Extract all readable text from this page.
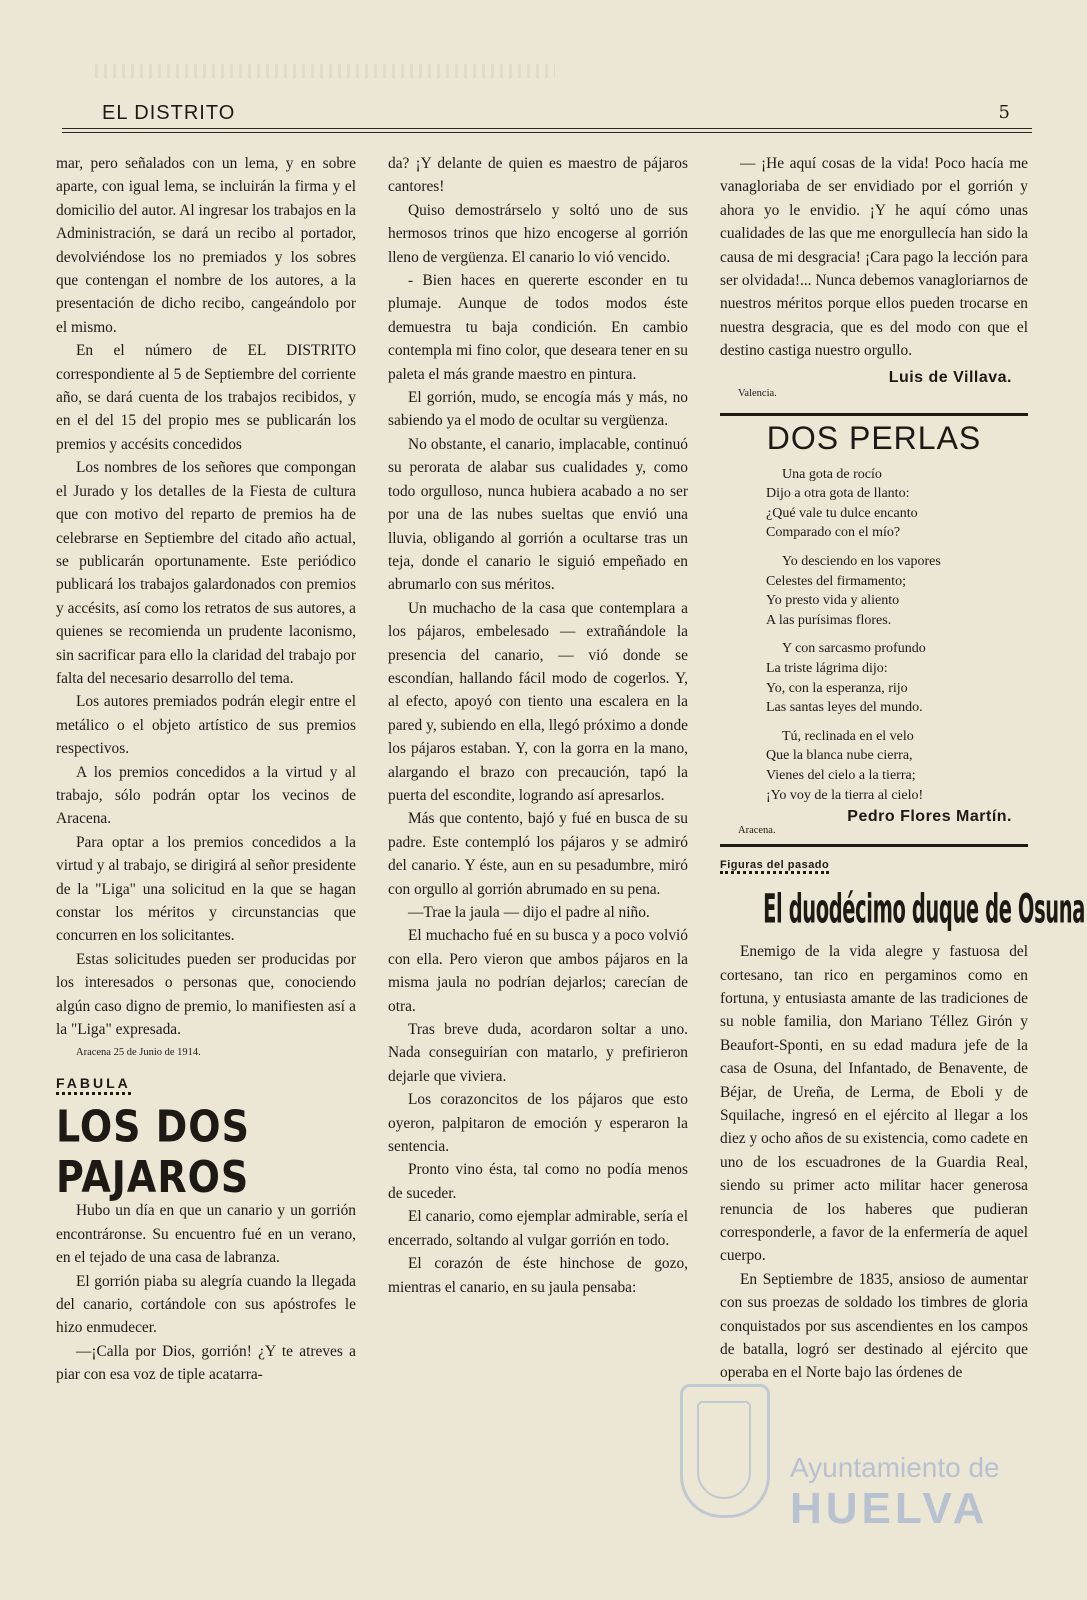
EL DISTRITO	5

mar, pero señalados con un lema, y en sobre aparte, con igual lema, se incluirán la firma y el domicilio del autor. Al ingresar los trabajos en la Administración, se dará un recibo al portador, devolviéndose los no premiados y los sobres que contengan el nombre de los autores, a la presentación de dicho recibo, cangeándolo por el mismo.

En el número de EL DISTRITO correspondiente al 5 de Septiembre del corriente año, se dará cuenta de los trabajos recibidos, y en el del 15 del propio mes se publicarán los premios y accésits concedidos

Los nombres de los señores que compongan el Jurado y los detalles de la Fiesta de cultura que con motivo del reparto de premios ha de celebrarse en Septiembre del citado año actual, se publicarán oportunamente. Este periódico publicará los trabajos galardonados con premios y accésits, así como los retratos de sus autores, a quienes se recomienda un prudente laconismo, sin sacrificar para ello la claridad del trabajo por falta del necesario desarrollo del tema.

Los autores premiados podrán elegir entre el metálico o el objeto artístico de sus premios respectivos.

A los premios concedidos a la virtud y al trabajo, sólo podrán optar los vecinos de Aracena.

Para optar a los premios concedidos a la virtud y al trabajo, se dirigirá al señor presidente de la "Liga" una solicitud en la que se hagan constar los méritos y circunstancias que concurren en los solicitantes.

Estas solicitudes pueden ser producidas por los interesados o personas que, conociendo algún caso digno de premio, lo manifiesten así a la "Liga" expresada.

Aracena 25 de Junio de 1914.
FABULA
LOS DOS PAJAROS

Hubo un día en que un canario y un gorrión encontráronse. Su encuentro fué en un verano, en el tejado de una casa de labranza.

El gorrión piaba su alegría cuando la llegada del canario, cortándole con sus apóstrofes le hizo enmudecer.

—¡Calla por Dios, gorrión! ¿Y te atreves a piar con esa voz de tiple acatarra-

da? ¡Y delante de quien es maestro de pájaros cantores!

Quiso demostrárselo y soltó uno de sus hermosos trinos que hizo encogerse al gorrión lleno de vergüenza. El canario lo vió vencido.

- Bien haces en quererte esconder en tu plumaje. Aunque de todos modos éste demuestra tu baja condición. En cambio contempla mi fino color, que deseara tener en su paleta el más grande maestro en pintura.

El gorrión, mudo, se encogía más y más, no sabiendo ya el modo de ocultar su vergüenza.

No obstante, el canario, implacable, continuó su perorata de alabar sus cualidades y, como todo orgulloso, nunca hubiera acabado a no ser por una de las nubes sueltas que envió una lluvia, obligando al gorrión a ocultarse tras un teja, donde el canario le siguió empeñado en abrumarlo con sus méritos.

Un muchacho de la casa que contemplara a los pájaros, embelesado — extrañándole la presencia del canario, — vió donde se escondían, hallando fácil modo de cogerlos. Y, al efecto, apoyó con tiento una escalera en la pared y, subiendo en ella, llegó próximo a donde los pájaros estaban. Y, con la gorra en la mano, alargando el brazo con precaución, tapó la puerta del escondite, logrando así apresarlos.

Más que contento, bajó y fué en busca de su padre. Este contempló los pájaros y se admiró del canario. Y éste, aun en su pesadumbre, miró con orgullo al gorrión abrumado en su pena.

—Trae la jaula — dijo el padre al niño.

El muchacho fué en su busca y a poco volvió con ella. Pero vieron que ambos pájaros en la misma jaula no podrían dejarlos; carecían de otra.

Tras breve duda, acordaron soltar a uno. Nada conseguirían con matarlo, y prefirieron dejarle que viviera.

Los corazoncitos de los pájaros que esto oyeron, palpitaron de emoción y esperaron la sentencia.

Pronto vino ésta, tal como no podía menos de suceder.

El canario, como ejemplar admirable, sería el encerrado, soltando al vulgar gorrión en todo.

El corazón de éste hinchose de gozo, mientras el canario, en su jaula pensaba:

— ¡He aquí cosas de la vida! Poco hacía me vanagloriaba de ser envidiado por el gorrión y ahora yo le envidio. ¡Y he aquí cómo unas cualidades de las que me enorgullecía han sido la causa de mi desgracia! ¡Cara pago la lección para ser olvidada!... Nunca debemos vanagloriarnos de nuestros méritos porque ellos pueden trocarse en nuestra desgracia, que es del modo con que el destino castiga nuestro orgullo.

Luis de Villava.
Valencia.
DOS PERLAS
Una gota de rocío
Dijo a otra gota de llanto:
¿Qué vale tu dulce encanto
Comparado con el mío?
Yo desciendo en los vapores
Celestes del firmamento;
Yo presto vida y aliento
A las purísimas flores.
Y con sarcasmo profundo
La triste lágrima dijo:
Yo, con la esperanza, rijo
Las santas leyes del mundo.
Tú, reclinada en el velo
Que la blanca nube cierra,
Vienes del cielo a la tierra;
¡Yo voy de la tierra al cielo!
Pedro Flores Martín.
Aracena.
Figuras del pasado
El duodécimo duque de Osuna

Enemigo de la vida alegre y fastuosa del cortesano, tan rico en pergaminos como en fortuna, y entusiasta amante de las tradiciones de su noble familia, don Mariano Téllez Girón y Beaufort-Sponti, en su edad madura jefe de la casa de Osuna, del Infantado, de Benavente, de Béjar, de Ureña, de Lerma, de Eboli y de Squilache, ingresó en el ejército al llegar a los diez y ocho años de su existencia, como cadete en uno de los escuadrones de la Guardia Real, siendo su primer acto militar hacer generosa renuncia de los haberes que pudieran corresponderle, a favor de la enfermería de aquel cuerpo.

En Septiembre de 1835, ansioso de aumentar con sus proezas de soldado los timbres de gloria conquistados por sus ascendientes en los campos de batalla, logró ser destinado al ejército que operaba en el Norte bajo las órdenes de

Ayuntamiento de
HUELVA
